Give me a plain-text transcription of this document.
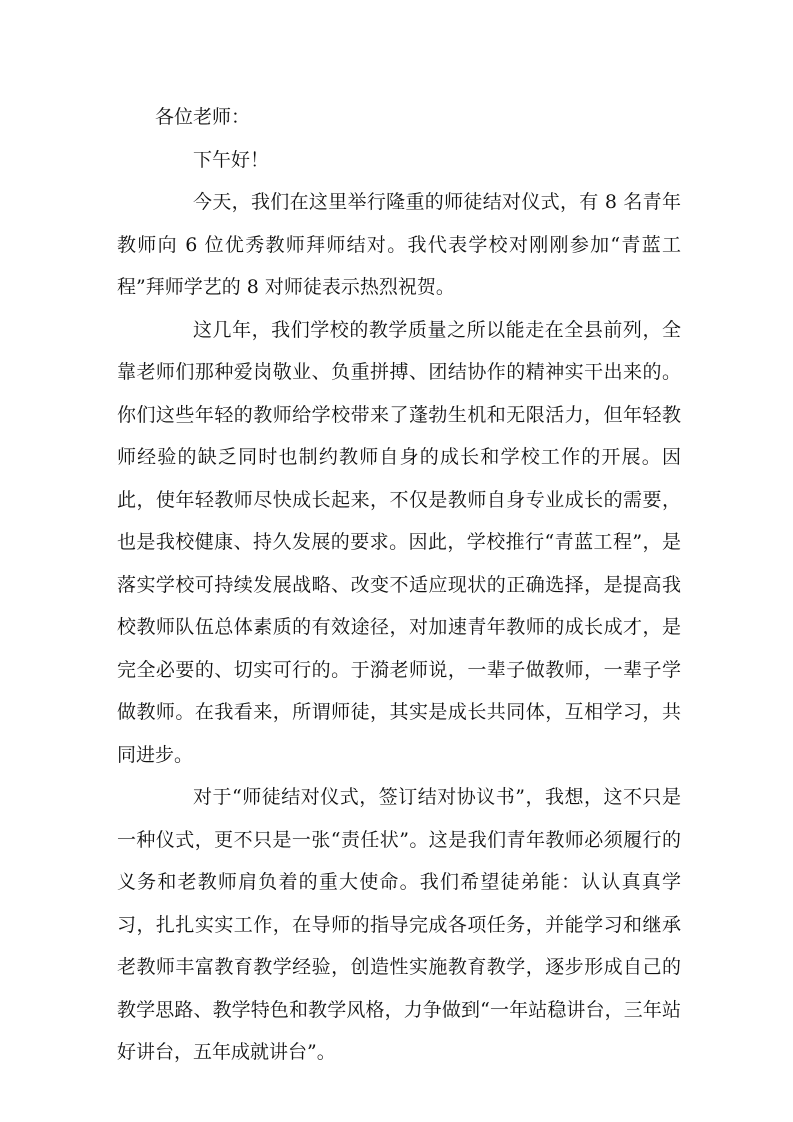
各位老师：

下午好！

今天，我们在这里举行隆重的师徒结对仪式，有 8 名青年教师向 6 位优秀教师拜师结对。我代表学校对刚刚参加“青蓝工程”拜师学艺的 8 对师徒表示热烈祝贺。

这几年，我们学校的教学质量之所以能走在全县前列，全靠老师们那种爱岗敬业、负重拼搏、团结协作的精神实干出来的。你们这些年轻的教师给学校带来了蓬勃生机和无限活力，但年轻教师经验的缺乏同时也制约教师自身的成长和学校工作的开展。因此，使年轻教师尽快成长起来，不仅是教师自身专业成长的需要，也是我校健康、持久发展的要求。因此，学校推行“青蓝工程”，是落实学校可持续发展战略、改变不适应现状的正确选择，是提高我校教师队伍总体素质的有效途径，对加速青年教师的成长成才，是完全必要的、切实可行的。于漪老师说，一辈子做教师，一辈子学做教师。在我看来，所谓师徒，其实是成长共同体，互相学习，共同进步。

对于“师徒结对仪式，签订结对协议书”，我想，这不只是一种仪式，更不只是一张“责任状”。这是我们青年教师必须履行的义务和老教师肩负着的重大使命。我们希望徒弟能：认认真真学习，扎扎实实工作，在导师的指导完成各项任务，并能学习和继承老教师丰富教育教学经验，创造性实施教育教学，逐步形成自己的教学思路、教学特色和教学风格，力争做到“一年站稳讲台，三年站好讲台，五年成就讲台”。
